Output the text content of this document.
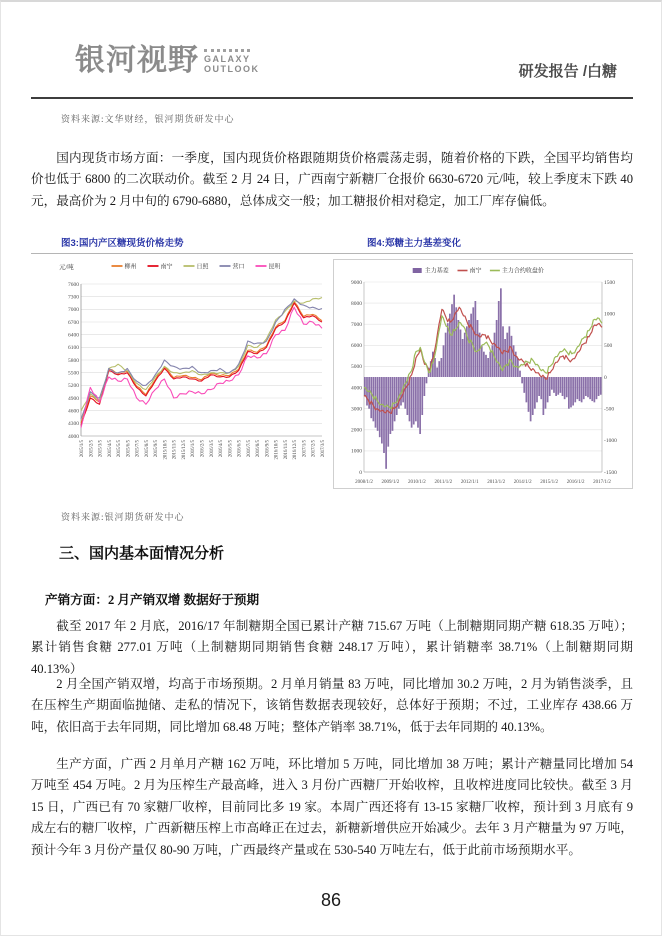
银河视野 GALAXY
OUTLOOK	研发报告 /白糖
资料来源:文华财经，银河期货研发中心

国内现货市场方面：一季度，国内现货价格跟随期货价格震荡走弱，随着价格的下跌，全国平均销售均价也低于 6800 的二次联动价。截至 2 月 24 日，广西南宁新糖厂仓报价 6630-6720 元/吨，较上季度末下跌 40 元，最高价为 2 月中旬的 6790-6880，总体成交一般；加工糖报价相对稳定，加工厂库存偏低。

图3:国内产区糖现货价格走势	图4:郑糖主力基差变化
4000
4300
4600
4900
5200
5500
5800
6100
6400
6700
7000
7300
7600
元/吨
2015/1/5 2015/2/5 2015/3/5 2015/4/5 2015/5/5 2015/6/5 2015/7/5 2015/8/5 2015/9/5 2015/10/5 2015/11/5 2015/12/5 2016/1/5 2016/2/5 2016/3/5 2016/4/5 2016/5/5 2016/6/5 2016/7/5 2016/8/5 2016/9/5 2016/10/5 2016/11/5 2016/12/5 2017/1/5 2017/2/5 2017/3/5
柳州	南宁	日照	营口	昆明
0
1000
2000
3000
4000
5000
6000
7000
8000
9000
-1500
-1000
-500
0
500
1000
1500
2008/1/2 2009/1/2 2010/1/2 2011/1/2 2012/1/1 2013/1/2 2014/1/2 2015/1/2 2016/1/2 2017/1/2
主力基差	南宁	主力合约收盘价
资料来源:银河期货研发中心
三、国内基本面情况分析
产销方面：2 月产销双增 数据好于预期

截至 2017 年 2 月底，2016/17 年制糖期全国已累计产糖 715.67 万吨（上制糖期同期产糖 618.35 万吨）；累计销售食糖 277.01 万吨（上制糖期同期销售食糖 248.17 万吨），累计销糖率 38.71%（上制糖期同期 40.13%）

2 月全国产销双增，均高于市场预期。2 月单月销量 83 万吨，同比增加 30.2 万吨，2 月为销售淡季，且在压榨生产期面临抛储、走私的情况下，该销售数据表现较好，总体好于预期；不过，工业库存 438.66 万吨，依旧高于去年同期，同比增加 68.48 万吨；整体产销率 38.71%，低于去年同期的 40.13%。

生产方面，广西 2 月单月产糖 162 万吨，环比增加 5 万吨，同比增加 38 万吨；累计产糖量同比增加 54 万吨至 454 万吨。2 月为压榨生产最高峰，进入 3 月份广西糖厂开始收榨，且收榨进度同比较快。截至 3 月 15 日，广西已有 70 家糖厂收榨，目前同比多 19 家。本周广西还将有 13-15 家糖厂收榨，预计到 3 月底有 9 成左右的糖厂收榨，广西新糖压榨上市高峰正在过去，新糖新增供应开始减少。去年 3 月产糖量为 97 万吨，预计今年 3 月份产量仅 80-90 万吨，广西最终产量或在 530-540 万吨左右，低于此前市场预期水平。

86
